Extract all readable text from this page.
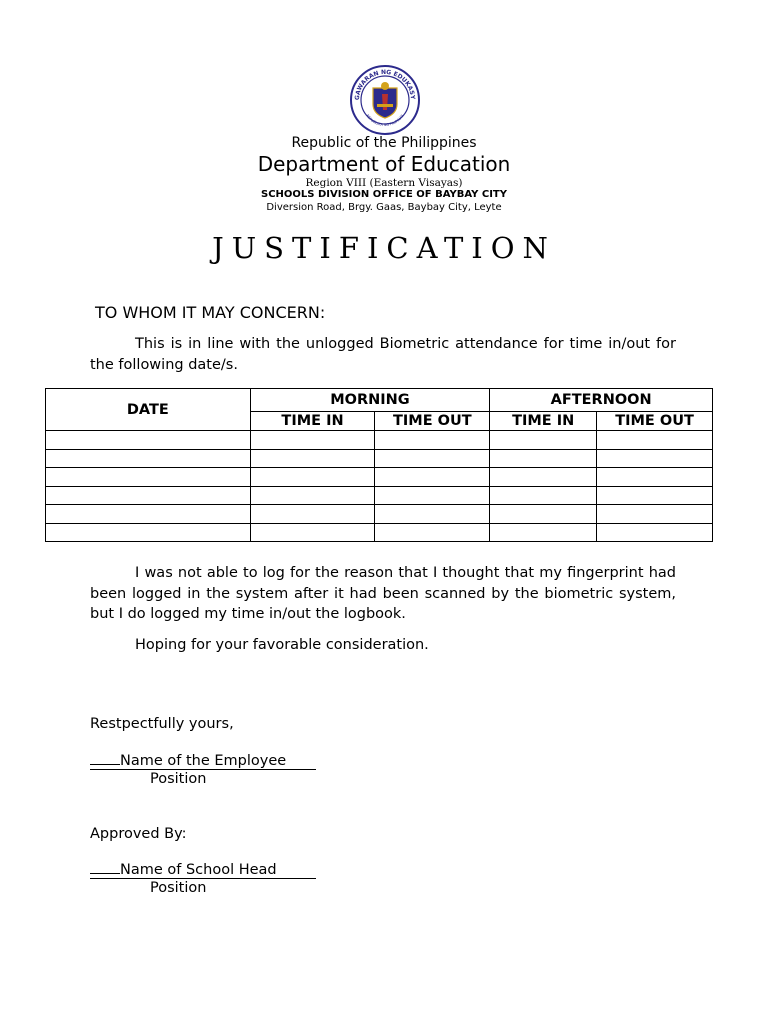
GAWARAN NG EDUKASY
REPUBLIKA NG PILIPINAS
Republic of the Philippines
Department of Education
Region VIII (Eastern Visayas)
SCHOOLS DIVISION OFFICE OF BAYBAY CITY
Diversion Road, Brgy. Gaas, Baybay City, Leyte
JUSTIFICATION
TO WHOM IT MAY CONCERN:
This is in line with the unlogged Biometric attendance for time in/out for the following date/s.
DATE	MORNING		AFTERNOON	
	TIME IN	TIME OUT	TIME IN	TIME OUT

I was not able to log for the reason that I thought that my fingerprint had been logged in the system after it had been scanned by the biometric system, but I do logged my time in/out the logbook.
Hoping for your favorable consideration.
Restpectfully yours,
Name of the Employee
Position
Approved By:
Name of School Head
Position
